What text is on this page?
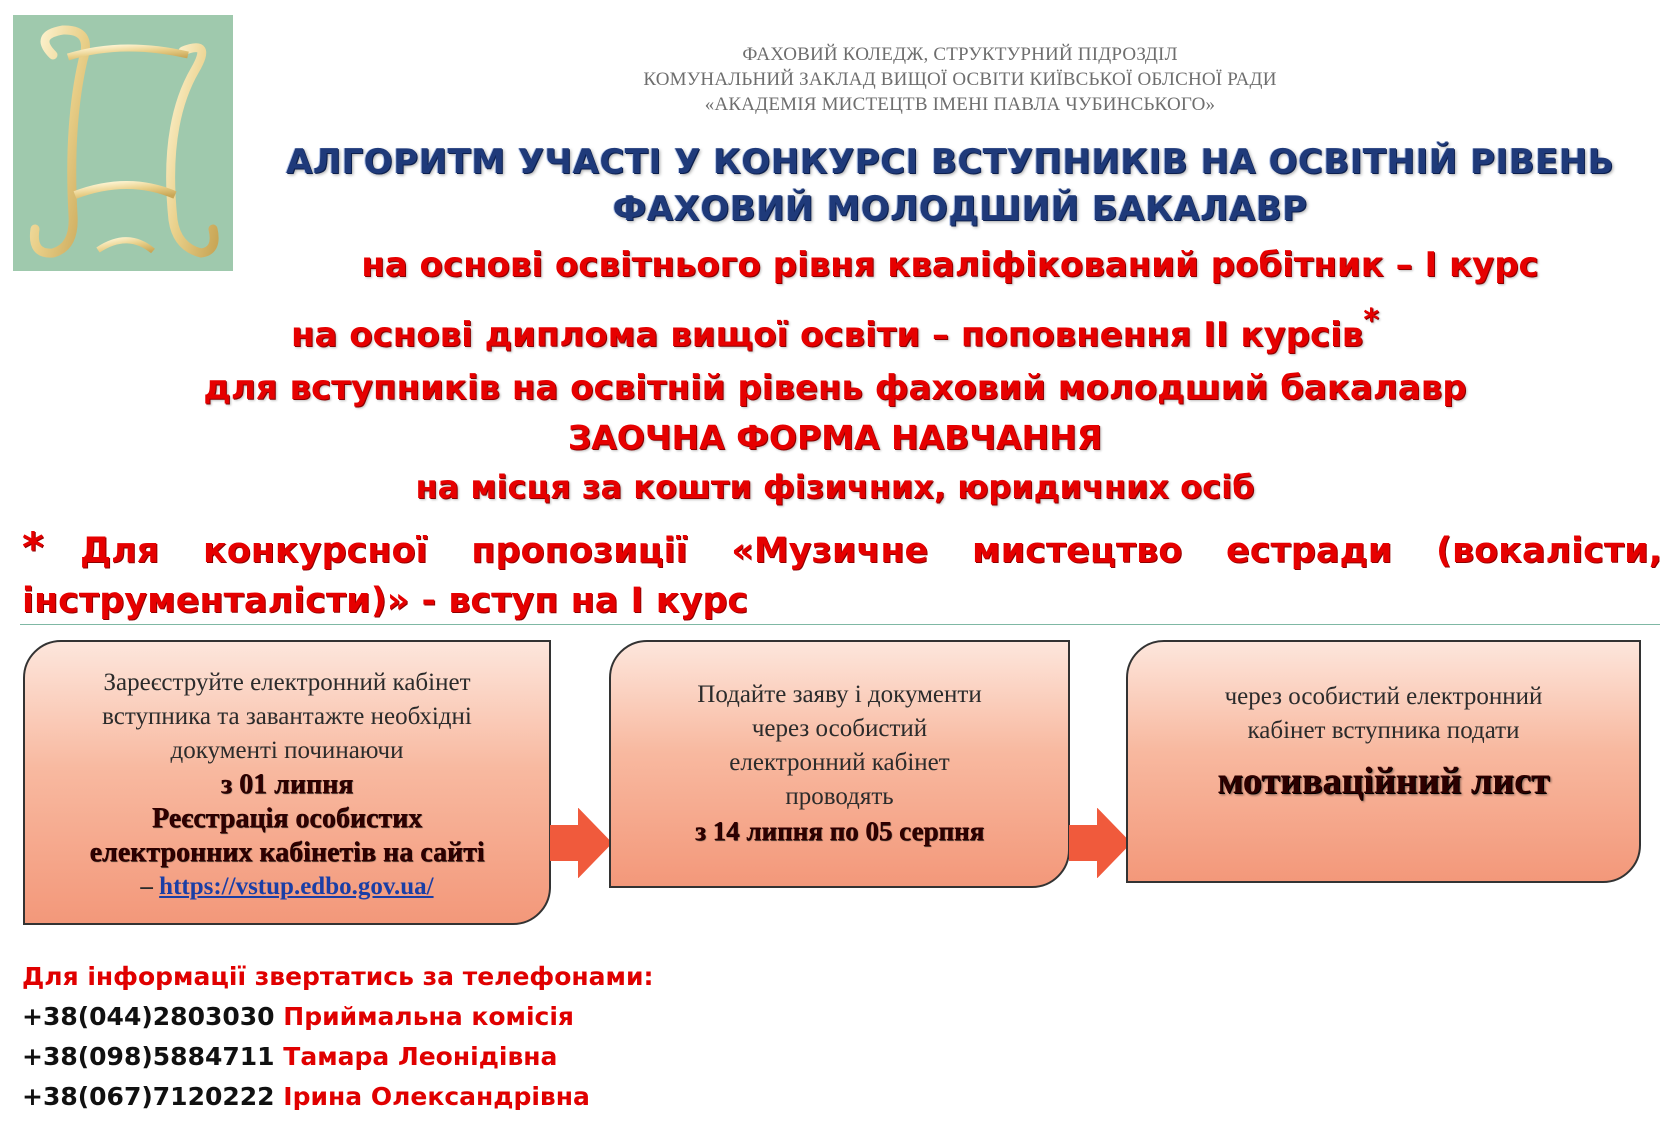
ФАХОВИЙ КОЛЕДЖ, СТРУКТУРНИЙ ПІДРОЗДІЛ
КОМУНАЛЬНИЙ ЗАКЛАД ВИЩОЇ ОСВІТИ КИЇВСЬКОЇ ОБЛСНОЇ РАДИ
«АКАДЕМІЯ МИСТЕЦТВ ІМЕНІ ПАВЛА ЧУБИНСЬКОГО»
АЛГОРИТМ УЧАСТІ У КОНКУРСІ ВСТУПНИКІВ НА ОСВІТНІЙ РІВЕНЬ
ФАХОВИЙ МОЛОДШИЙ БАКАЛАВР
на основі освітнього рівня кваліфікований робітник – І курс
на основі диплома вищої освіти – поповнення ІІ курсів*
для вступників на освітній рівень фаховий молодший бакалавр
ЗАОЧНА ФОРМА НАВЧАННЯ
на місця за кошти фізичних, юридичних осіб
* Для конкурсної пропозиції «Музичне мистецтво естради (вокалісти, інструменталісти)» - вступ на І курс
Зареєструйте електронний кабінет
вступника та завантажте необхідні
документі починаючи
з 01 липня
Реєстрація особистих
електронних кабінетів на сайті
– https://vstup.edbo.gov.ua/
Подайте заяву і документи
через особистий
електронний кабінет
проводять
з 14 липня по 05 серпня
через особистий електронний
кабінет вступника подати
мотиваційний лист
Для інформації звертатись за телефонами:
+38(044)2803030 Приймальна комісія
+38(098)5884711 Тамара Леонідівна
+38(067)7120222 Ірина Олександрівна
